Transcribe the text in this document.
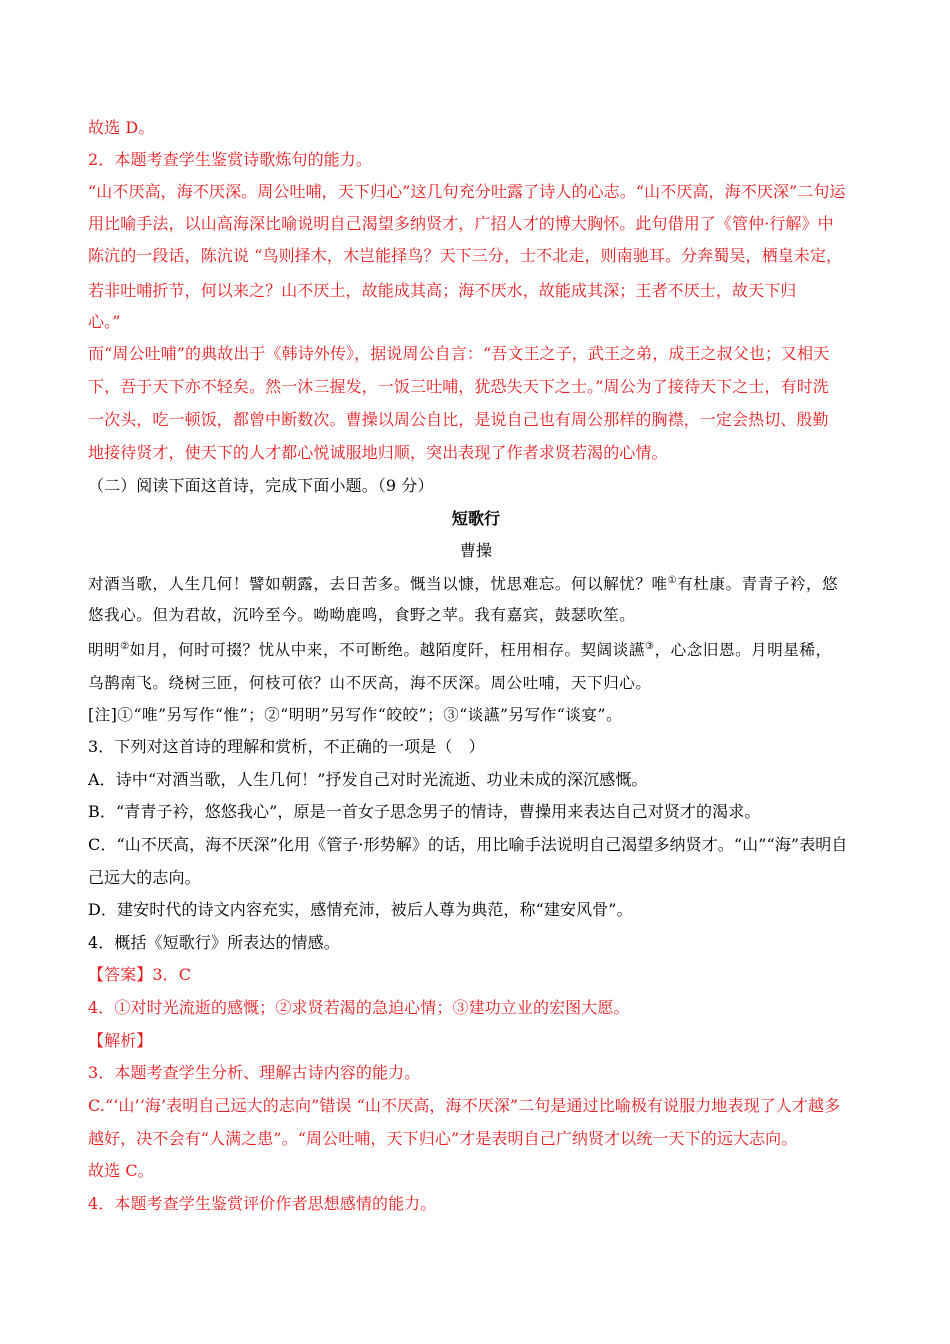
故选 D。
2．本题考查学生鉴赏诗歌炼句的能力。
“山不厌高，海不厌深。周公吐哺，天下归心”这几句充分吐露了诗人的心志。“山不厌高，海不厌深”二句运
用比喻手法，以山高海深比喻说明自己渴望多纳贤才，广招人才的博大胸怀。此句借用了《管仲·行解》中
陈沆的一段话，陈沆说 “鸟则择木，木岂能择鸟？天下三分，士不北走，则南驰耳。分奔蜀吴，栖皇未定，
若非吐哺折节，何以来之？山不厌土，故能成其高；海不厌水，故能成其深；王者不厌士，故天下归
心。”
而“周公吐哺”的典故出于《韩诗外传》，据说周公自言：“吾文王之子，武王之弟，成王之叔父也；又相天
下，吾于天下亦不轻矣。然一沐三握发，一饭三吐哺，犹恐失天下之士。”周公为了接待天下之士，有时洗
一次头，吃一顿饭，都曾中断数次。曹操以周公自比，是说自己也有周公那样的胸襟，一定会热切、殷勤
地接待贤才，使天下的人才都心悦诚服地归顺，突出表现了作者求贤若渴的心情。
（二）阅读下面这首诗，完成下面小题。（9 分）
短歌行
曹操
对酒当歌，人生几何！譬如朝露，去日苦多。慨当以慷，忧思难忘。何以解忧？唯①有杜康。青青子衿，悠
悠我心。但为君故，沉吟至今。呦呦鹿鸣，食野之苹。我有嘉宾，鼓瑟吹笙。
明明②如月，何时可掇？忧从中来，不可断绝。越陌度阡，枉用相存。契阔谈讌③，心念旧恩。月明星稀，
乌鹊南飞。绕树三匝，何枝可依？山不厌高，海不厌深。周公吐哺，天下归心。
[注]①“唯”另写作“惟”；②“明明”另写作“皎皎”；③“谈讌”另写作“谈宴”。
3．下列对这首诗的理解和赏析，不正确的一项是（　）
A．诗中“对酒当歌，人生几何！”抒发自己对时光流逝、功业未成的深沉感慨。
B．“青青子衿，悠悠我心”，原是一首女子思念男子的情诗，曹操用来表达自己对贤才的渴求。
C．“山不厌高，海不厌深”化用《管子·形势解》的话，用比喻手法说明自己渴望多纳贤才。“山”“海”表明自
己远大的志向。
D．建安时代的诗文内容充实，感情充沛，被后人尊为典范，称“建安风骨”。
4．概括《短歌行》所表达的情感。
【答案】3．C
4．①对时光流逝的感慨；②求贤若渴的急迫心情；③建功立业的宏图大愿。
【解析】
3．本题考查学生分析、理解古诗内容的能力。
C.“‘山’‘海’表明自己远大的志向”错误 “山不厌高，海不厌深”二句是通过比喻极有说服力地表现了人才越多
越好，决不会有“人满之患”。“周公吐哺，天下归心”才是表明自己广纳贤才以统一天下的远大志向。
故选 C。
4．本题考查学生鉴赏评价作者思想感情的能力。
